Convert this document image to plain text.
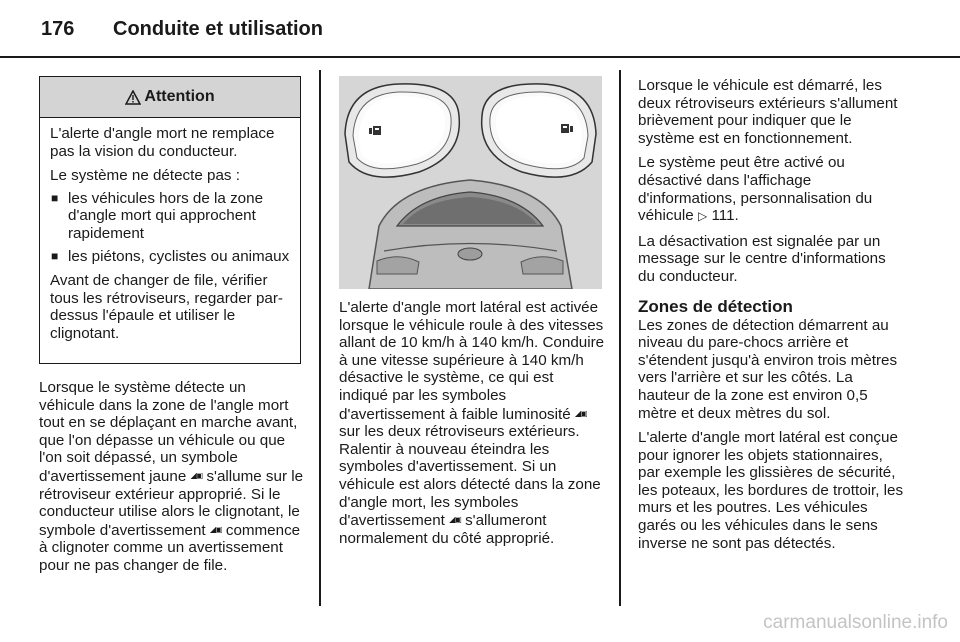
176 Conduite et utilisation
Attention

L'alerte d'angle mort ne remplace pas la vision du conducteur.

Le système ne détecte pas :

■ les véhicules hors de la zone d'angle mort qui approchent rapidement
■ les piétons, cyclistes ou animaux

Avant de changer de file, vérifier tous les rétroviseurs, regarder par-dessus l'épaule et utiliser le clignotant.

Lorsque le système détecte un véhicule dans la zone de l'angle mort tout en se déplaçant en marche avant, que l'on dépasse un véhicule ou que l'on soit dépassé, un symbole d'avertissement jaune ◢▣ s'allume sur le rétroviseur extérieur approprié. Si le conducteur utilise alors le clignotant, le symbole d'avertissement ◢▣ commence à clignoter comme un avertissement pour ne pas changer de file.

L'alerte d'angle mort latéral est activée lorsque le véhicule roule à des vitesses allant de 10 km/h à 140 km/h. Conduire à une vitesse supérieure à 140 km/h désactive le système, ce qui est indiqué par les symboles d'avertissement à faible luminosité ◢▣ sur les deux rétroviseurs extérieurs. Ralentir à nouveau éteindra les symboles d'avertissement. Si un véhicule est alors détecté dans la zone d'angle mort, les symboles d'avertissement ◢▣ s'allumeront normalement du côté approprié.

Lorsque le véhicule est démarré, les deux rétroviseurs extérieurs s'allument brièvement pour indiquer que le système est en fonctionnement.

Le système peut être activé ou désactivé dans l'affichage d'informations, personnalisation du véhicule ▷ 111.

La désactivation est signalée par un message sur le centre d'informations du conducteur.

Zones de détection

Les zones de détection démarrent au niveau du pare-chocs arrière et s'étendent jusqu'à environ trois mètres vers l'arrière et sur les côtés. La hauteur de la zone est environ 0,5 mètre et deux mètres du sol.

L'alerte d'angle mort latéral est conçue pour ignorer les objets stationnaires, par exemple les glissières de sécurité, les poteaux, les bordures de trottoir, les murs et les poutres. Les véhicules garés ou les véhicules dans le sens inverse ne sont pas détectés.

carmanualsonline.info
